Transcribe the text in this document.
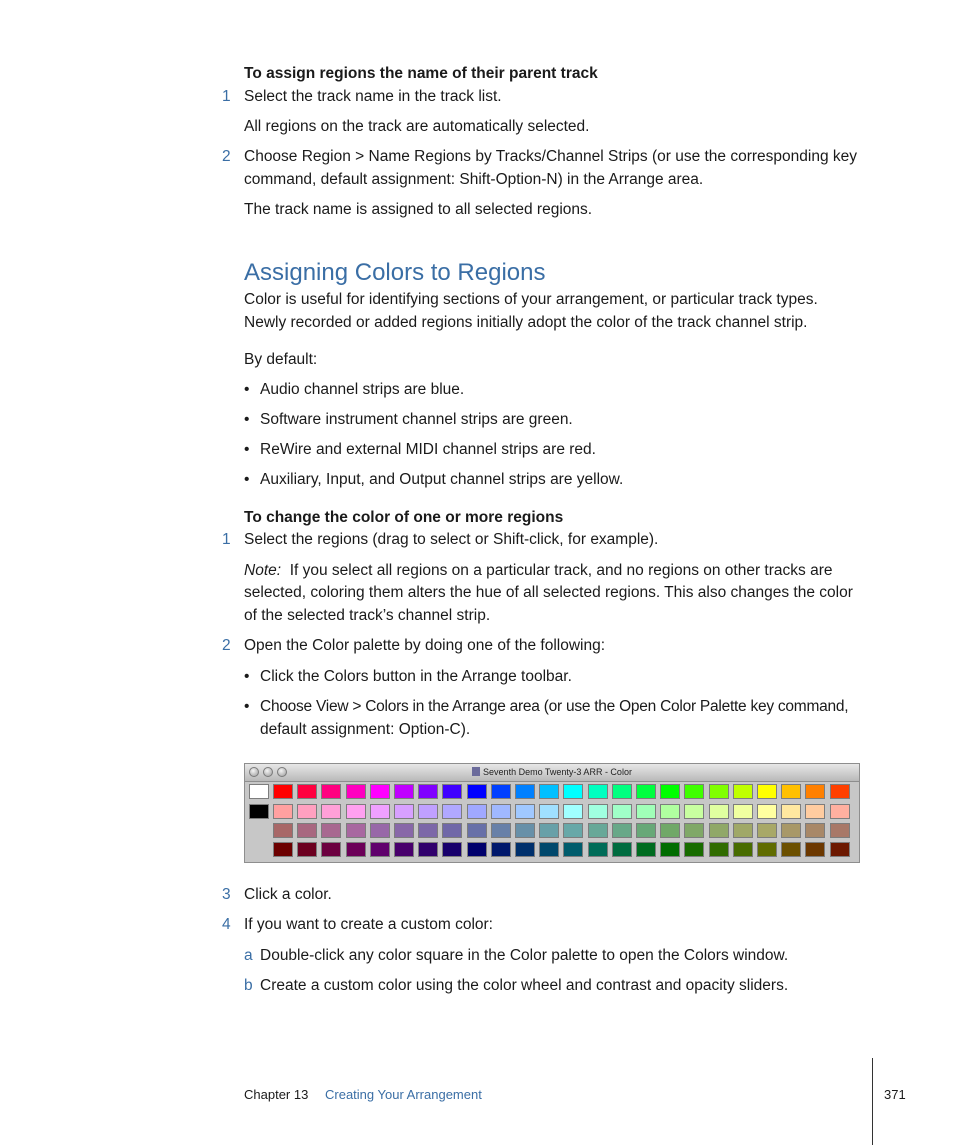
To assign regions the name of their parent track
1 Select the track name in the track list.
All regions on the track are automatically selected.
2 Choose Region > Name Regions by Tracks/Channel Strips (or use the corresponding key
command, default assignment: Shift-Option-N) in the Arrange area.
The track name is assigned to all selected regions.
Assigning Colors to Regions
Color is useful for identifying sections of your arrangement, or particular track types.
Newly recorded or added regions initially adopt the color of the track channel strip.
By default:
• Audio channel strips are blue.
• Software instrument channel strips are green.
• ReWire and external MIDI channel strips are red.
• Auxiliary, Input, and Output channel strips are yellow.
To change the color of one or more regions
1 Select the regions (drag to select or Shift-click, for example).
Note: If you select all regions on a particular track, and no regions on other tracks are
selected, coloring them alters the hue of all selected regions. This also changes the color
of the selected track’s channel strip.
2 Open the Color palette by doing one of the following:
• Click the Colors button in the Arrange toolbar.
• Choose View > Colors in the Arrange area (or use the Open Color Palette key command,
default assignment: Option-C).
Seventh Demo Twenty-3 ARR - Color
3 Click a color.
4 If you want to create a custom color:
a Double-click any color square in the Color palette to open the Colors window.
b Create a custom color using the color wheel and contrast and opacity sliders.
Chapter 13 Creating Your Arrangement	371
